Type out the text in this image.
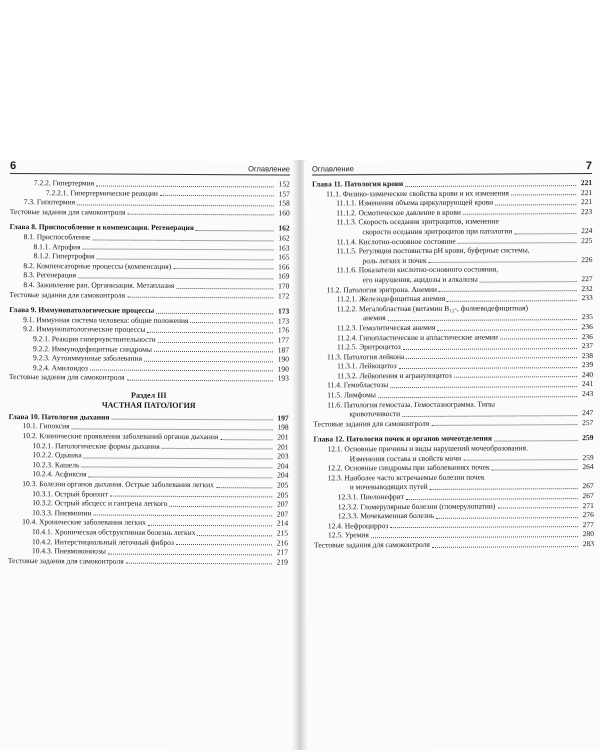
6	Оглавление
7.2.2. Гипертермия	152
7.2.2.1. Гипертермические реакции	157
7.3. Гипотермия	158
Тестовые задания для самоконтроля	160
Глава 8. Приспособление и компенсация. Регенерация	162
8.1. Приспособление	162
8.1.1. Атрофия	163
8.1.2. Гипертрофия	165
8.2. Компенсаторные процессы (компенсация)	166
8.3. Регенерация	169
8.4. Заживление ран. Организация. Метаплазия	170
Тестовые задания для самоконтроля	172
Глава 9. Иммунопатологические процессы	173
9.1. Иммунная система человека: общие положения	173
9.2. Иммунопатологические процессы	176
9.2.1. Реакции гиперчувствительности	177
9.2.2. Иммунодефицитные синдромы	187
9.2.3. Аутоиммунные заболевания	190
9.2.4. Амилоидоз	190
Тестовые задания для самоконтроля	193
Раздел III
ЧАСТНАЯ ПАТОЛОГИЯ
Глава 10. Патология дыхания	197
10.1. Гипоксия	198
10.2. Клинические проявления заболеваний органов дыхания	201
10.2.1. Патологические формы дыхания	201
10.2.2. Одышка	203
10.2.3. Кашель	204
10.2.4. Асфиксия	204
10.3. Болезни органов дыхания. Острые заболевания легких	205
10.3.1. Острый бронхит	205
10.3.2. Острый абсцесс и гангрена легкого	207
10.3.3. Пневмонии	207
10.4. Хронические заболевания легких	214
10.4.1. Хроническая обструктивная болезнь легких	215
10.4.2. Интерстициальный легочный фиброз	216
10.4.3. Пневмокониозы	217
Тестовые задания для самоконтроля	219
Оглавление	7
Глава 11. Патология крови	221
11.1. Физико-химические свойства крови и их изменения	221
11.1.1. Изменения объема циркулирующей крови	221
11.1.2. Осмотическое давление в крови	223
11.1.3. Скорость оседания эритроцитов, изменение
скорости оседания эритроцитов при патологии	224
11.1.4. Кислотно-основное состояние	225
11.1.5. Регуляция постоянства pH крови, буферные системы,
роль легких и почек	226
11.1.6. Показатели кислотно-основного состояния,
его нарушения, ацидозы и алкалозы	227
11.2. Патология эритрона. Анемии	232
11.2.1. Железодефицитная анемия	233
11.2.2. Мегалобластная (витамин B₁₂-, фолиеводефицитная)
анемия	235
11.2.3. Гемолитическая анемия	236
11.2.4. Гипопластические и апластические анемии	236
11.2.5. Эритроцитоз	237
11.3. Патология лейкона	238
11.3.1. Лейкоцитоз	239
11.3.2. Лейкопения и агранулоцитоз	240
11.4. Гемобластозы	241
11.5. Лимфомы	243
11.6. Патология гемостаза. Гемостазиограмма. Типы
кровоточивости	247
Тестовые задания для самоконтроля	257
Глава 12. Патология почек и органов мочеотделения	259
12.1. Основные причины и виды нарушений мочеобразования.
Изменения состава и свойств мочи	259
12.2. Основные синдромы при заболеваниях почек	264
12.3. Наиболее часто встречаемые болезни почек
и мочевыводящих путей	267
12.3.1. Пиелонефрит	267
12.3.2. Гломерулярные болезни (гломерулопатии)	271
12.3.3. Мочекаменная болезнь	276
12.4. Нефроцирроз	277
12.5. Уремия	280
Тестовые задания для самоконтроля	283
